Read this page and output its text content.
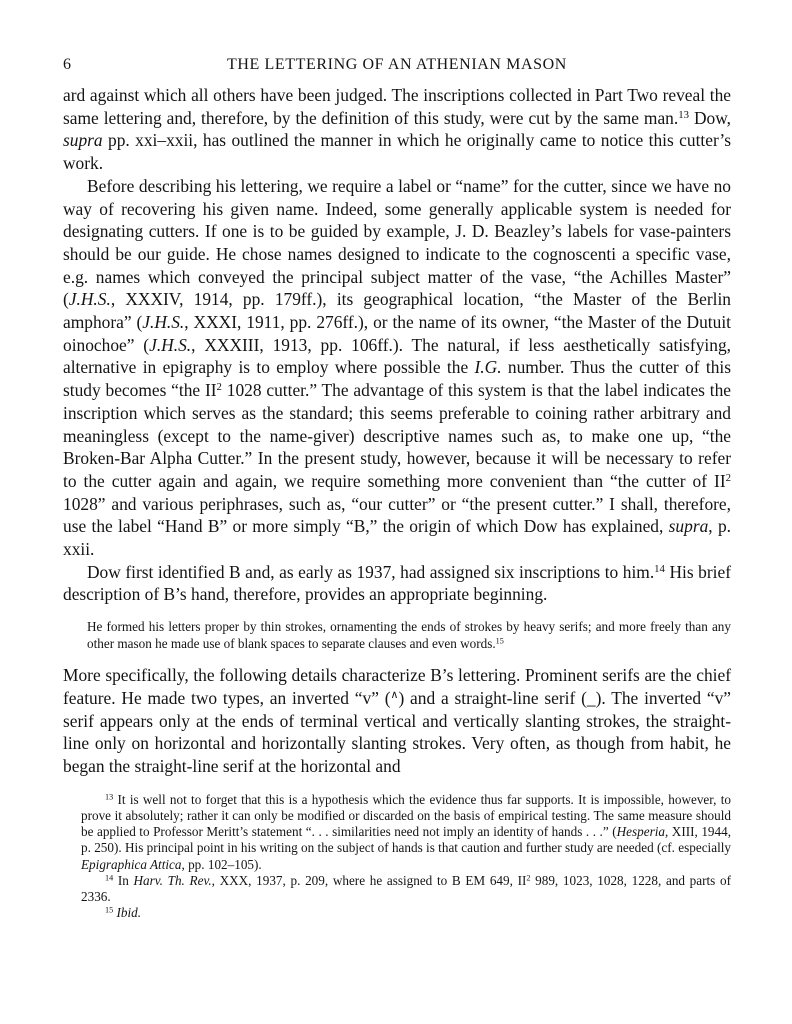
6	THE LETTERING OF AN ATHENIAN MASON

ard against which all others have been judged. The inscriptions collected in Part Two reveal the same lettering and, therefore, by the definition of this study, were cut by the same man.$^{13}$ Dow, supra pp. xxi–xxii, has outlined the manner in which he originally came to notice this cutter’s work.

Before describing his lettering, we require a label or “name” for the cutter, since we have no way of recovering his given name. Indeed, some generally applicable system is needed for designating cutters. If one is to be guided by example, J. D. Beazley’s labels for vase-painters should be our guide. He chose names designed to indicate to the cognoscenti a specific vase, e.g. names which conveyed the principal subject matter of the vase, “the Achilles Master” (J.H.S., XXXIV, 1914, pp. 179ff.), its geographical location, “the Master of the Berlin amphora” (J.H.S., XXXI, 1911, pp. 276ff.), or the name of its owner, “the Master of the Dutuit oinochoe” (J.H.S., XXXIII, 1913, pp. 106ff.). The natural, if less aesthetically satisfying, alternative in epigraphy is to employ where possible the I.G. number. Thus the cutter of this study becomes “the $II^2$ 1028 cutter.” The advantage of this system is that the label indicates the inscription which serves as the standard; this seems preferable to coining rather arbitrary and meaningless (except to the name-giver) descriptive names such as, to make one up, “the Broken-Bar Alpha Cutter.” In the present study, however, because it will be necessary to refer to the cutter again and again, we require something more convenient than “the cutter of $II^2$ 1028” and various periphrases, such as, “our cutter” or “the present cutter.” I shall, therefore, use the label “Hand B” or more simply “B,” the origin of which Dow has explained, supra, p. xxii.

Dow first identified B and, as early as 1937, had assigned six inscriptions to him.$^{14}$ His brief description of B’s hand, therefore, provides an appropriate beginning.

He formed his letters proper by thin strokes, ornamenting the ends of strokes by heavy serifs; and more freely than any other mason he made use of blank spaces to separate clauses and even words.$^{15}$

More specifically, the following details characterize B’s lettering. Prominent serifs are the chief feature. He made two types, an inverted “v” (∧) and a straight-line serif (_). The inverted “v” serif appears only at the ends of terminal vertical and vertically slanting strokes, the straight-line only on horizontal and horizontally slanting strokes. Very often, as though from habit, he began the straight-line serif at the horizontal and

$^{13}$ It is well not to forget that this is a hypothesis which the evidence thus far supports. It is impossible, however, to prove it absolutely; rather it can only be modified or discarded on the basis of empirical testing. The same measure should be applied to Professor Meritt’s statement “. . . similarities need not imply an identity of hands . . .” (Hesperia, XIII, 1944, p. 250). His principal point in his writing on the subject of hands is that caution and further study are needed (cf. especially Epigraphica Attica, pp. 102–105).

$^{14}$ In Harv. Th. Rev., XXX, 1937, p. 209, where he assigned to B EM 649, $II^2$ 989, 1023, 1028, 1228, and parts of 2336.

$^{15}$ Ibid.
